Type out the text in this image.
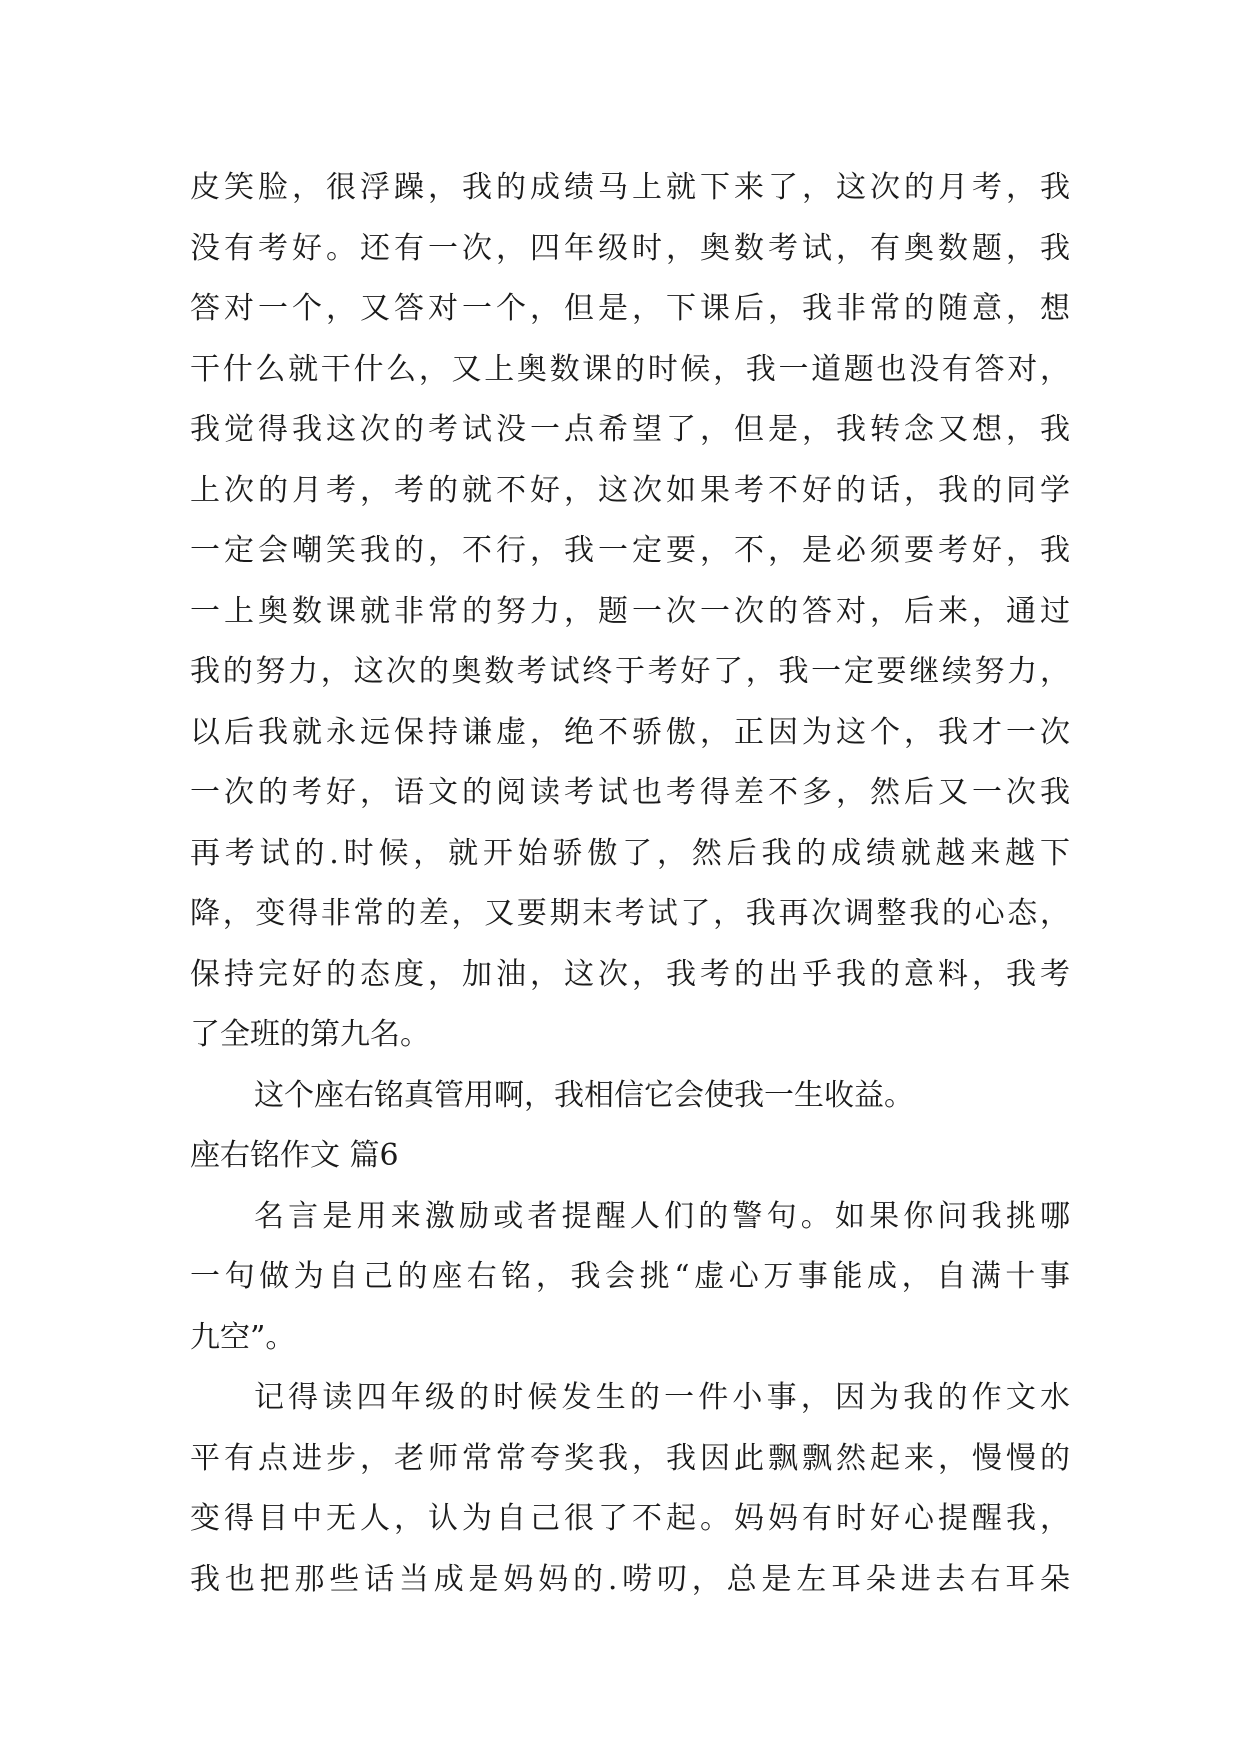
皮笑脸，很浮躁，我的成绩马上就下来了，这次的月考，我
没有考好。还有一次，四年级时，奥数考试，有奥数题，我
答对一个，又答对一个，但是，下课后，我非常的随意，想
干什么就干什么，又上奥数课的时候，我一道题也没有答对，
我觉得我这次的考试没一点希望了，但是，我转念又想，我
上次的月考，考的就不好，这次如果考不好的话，我的同学
一定会嘲笑我的，不行，我一定要，不，是必须要考好，我
一上奥数课就非常的努力，题一次一次的答对，后来，通过
我的努力，这次的奥数考试终于考好了，我一定要继续努力，
以后我就永远保持谦虚，绝不骄傲，正因为这个，我才一次
一次的考好，语文的阅读考试也考得差不多，然后又一次我
再考试的.时候，就开始骄傲了，然后我的成绩就越来越下
降，变得非常的差，又要期末考试了，我再次调整我的心态，
保持完好的态度，加油，这次，我考的出乎我的意料，我考
了全班的第九名。
这个座右铭真管用啊，我相信它会使我一生收益。
座右铭作文 篇6
名言是用来激励或者提醒人们的警句。如果你问我挑哪
一句做为自己的座右铭，我会挑“虚心万事能成，自满十事
九空”。
记得读四年级的时候发生的一件小事，因为我的作文水
平有点进步，老师常常夸奖我，我因此飘飘然起来，慢慢的
变得目中无人，认为自己很了不起。妈妈有时好心提醒我，
我也把那些话当成是妈妈的.唠叨，总是左耳朵进去右耳朵
